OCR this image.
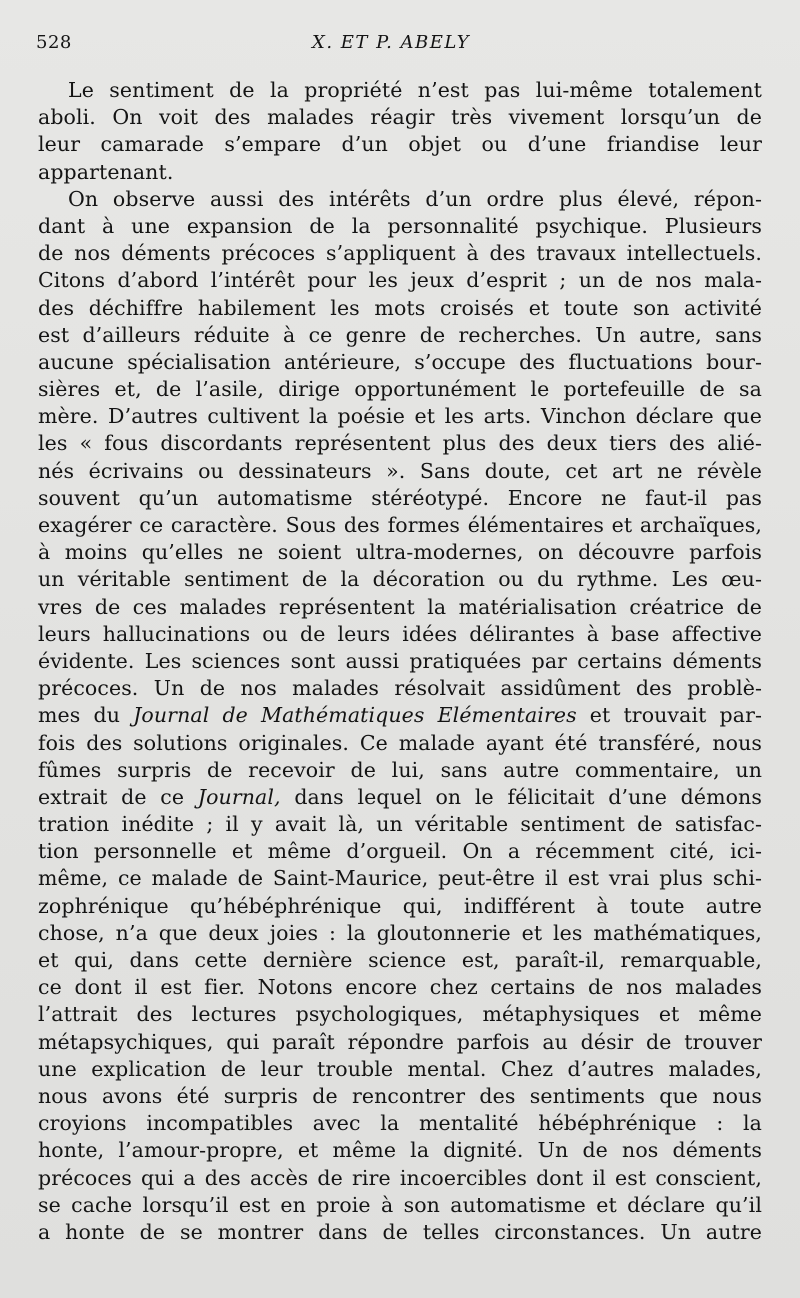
528	X. ET P. ABELY
Le sentiment de la propriété n’est pas lui-même totalement
aboli. On voit des malades réagir très vivement lorsqu’un de
leur camarade s’empare d’un objet ou d’une friandise leur
appartenant.
On observe aussi des intérêts d’un ordre plus élevé, répon-
dant à une expansion de la personnalité psychique. Plusieurs
de nos déments précoces s’appliquent à des travaux intellectuels.
Citons d’abord l’intérêt pour les jeux d’esprit ; un de nos mala-
des déchiffre habilement les mots croisés et toute son activité
est d’ailleurs réduite à ce genre de recherches. Un autre, sans
aucune spécialisation antérieure, s’occupe des fluctuations bour-
sières et, de l’asile, dirige opportunément le portefeuille de sa
mère. D’autres cultivent la poésie et les arts. Vinchon déclare que
les « fous discordants représentent plus des deux tiers des alié-
nés écrivains ou dessinateurs ». Sans doute, cet art ne révèle
souvent qu’un automatisme stéréotypé. Encore ne faut-il pas
exagérer ce caractère. Sous des formes élémentaires et archaïques,
à moins qu’elles ne soient ultra-modernes, on découvre parfois
un véritable sentiment de la décoration ou du rythme. Les œu-
vres de ces malades représentent la matérialisation créatrice de
leurs hallucinations ou de leurs idées délirantes à base affective
évidente. Les sciences sont aussi pratiquées par certains déments
précoces. Un de nos malades résolvait assidûment des problè-
mes du Journal de Mathématiques Elémentaires et trouvait par-
fois des solutions originales. Ce malade ayant été transféré, nous
fûmes surpris de recevoir de lui, sans autre commentaire, un
extrait de ce Journal, dans lequel on le félicitait d’une démons
tration inédite ; il y avait là, un véritable sentiment de satisfac-
tion personnelle et même d’orgueil. On a récemment cité, ici-
même, ce malade de Saint-Maurice, peut-être il est vrai plus schi-
zophrénique qu’hébéphrénique qui, indifférent à toute autre
chose, n’a que deux joies : la gloutonnerie et les mathématiques,
et qui, dans cette dernière science est, paraît-il, remarquable,
ce dont il est fier. Notons encore chez certains de nos malades
l’attrait des lectures psychologiques, métaphysiques et même
métapsychiques, qui paraît répondre parfois au désir de trouver
une explication de leur trouble mental. Chez d’autres malades,
nous avons été surpris de rencontrer des sentiments que nous
croyions incompatibles avec la mentalité hébéphrénique : la
honte, l’amour-propre, et même la dignité. Un de nos déments
précoces qui a des accès de rire incoercibles dont il est conscient,
se cache lorsqu’il est en proie à son automatisme et déclare qu’il
a honte de se montrer dans de telles circonstances. Un autre
